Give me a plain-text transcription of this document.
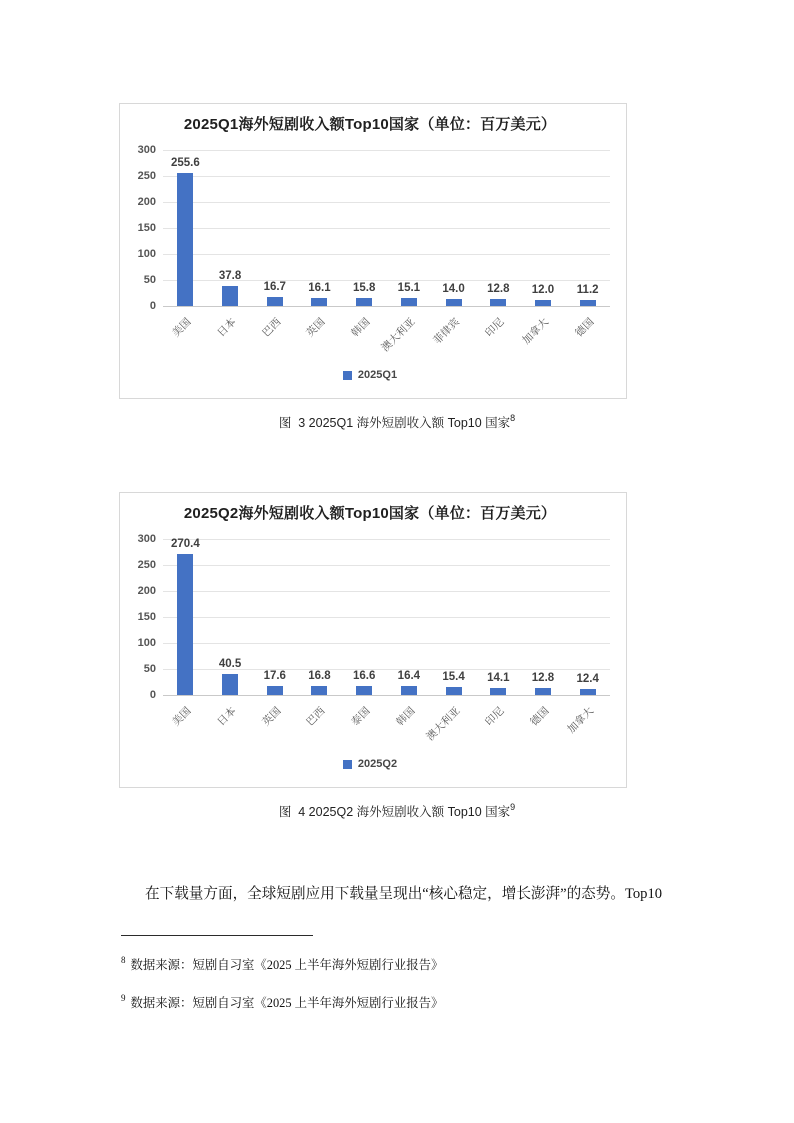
2025Q1海外短剧收入额Top10国家（单位：百万美元）
300
250
200
150
100
50
0
255.6
37.8
16.7 16.1 15.8 15.1 14.0 12.8 12.0 11.2
美国 日本 巴西 英国 韩国 澳大利亚 菲律宾 印尼 加拿大 德国
2025Q1

图  3 2025Q1 海外短剧收入额 Top10 国家$^8$

2025Q2海外短剧收入额Top10国家（单位：百万美元）
300
250
200
150
100
50
0
270.4
40.5
17.6 16.8 16.6 16.4 15.4 14.1 12.8 12.4
美国 日本 英国 巴西 泰国 韩国 澳大利亚 印尼 德国 加拿大
2025Q2

图  4 2025Q2 海外短剧收入额 Top10 国家$^9$

在下载量方面，全球短剧应用下载量呈现出“核心稳定，增长澎湃”的态势。Top10

$^8$ 数据来源：短剧自习室《2025 上半年海外短剧行业报告》

$^9$ 数据来源：短剧自习室《2025 上半年海外短剧行业报告》
